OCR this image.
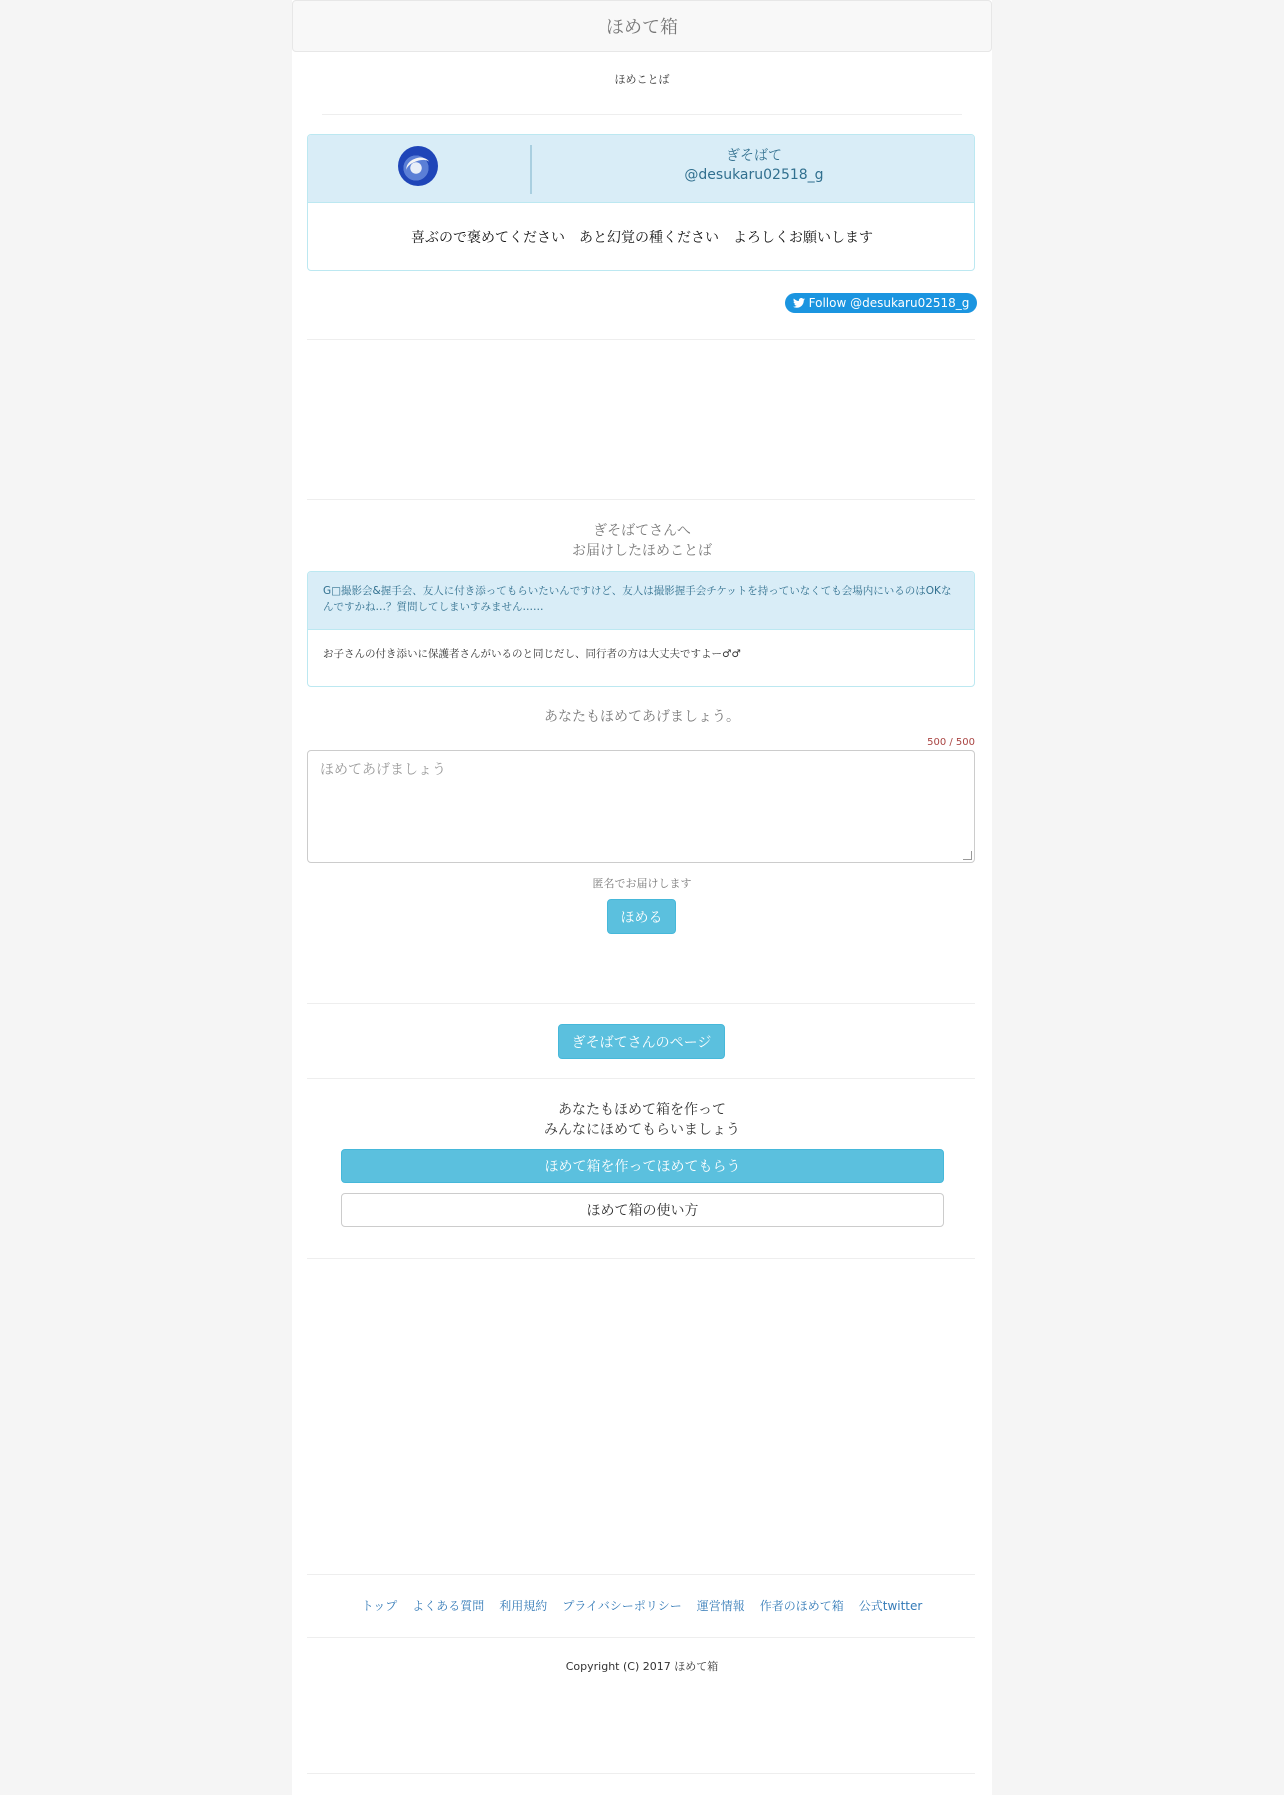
ほめて箱
ほめことば
ぎそばて
@desukaru02518_g
喜ぶので褒めてください　あと幻覚の種ください　よろしくお願いします
Follow @desukaru02518_g
ぎそばてさんへ
お届けしたほめことば
G□撮影会&握手会、友人に付き添ってもらいたいんですけど、友人は撮影握手会チケットを持っていなくても会場内にいるのはOKなんですかね…？質問してしまいすみません……
お子さんの付き添いに保護者さんがいるのと同じだし、同行者の方は大丈夫ですよー‍♂‍♂
あなたもほめてあげましょう。
500 / 500
ほめてあげましょう
匿名でお届けします
ほめる
ぎそばてさんのページ
あなたもほめて箱を作って
みんなにほめてもらいましょう
ほめて箱を作ってほめてもらう
ほめて箱の使い方
トップ よくある質問 利用規約 プライバシーポリシー 運営情報 作者のほめて箱 公式twitter
Copyright (C) 2017 ほめて箱
